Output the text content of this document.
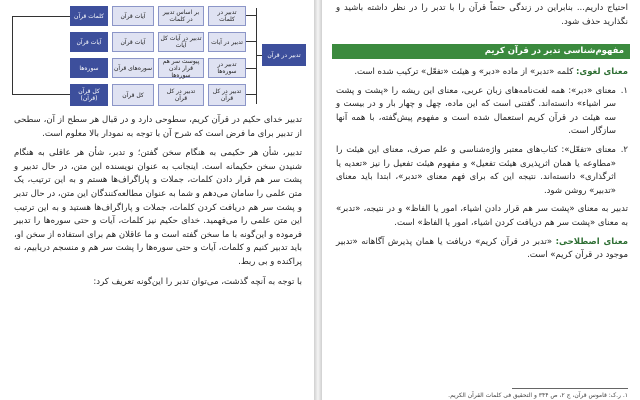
تدبیر در قرآن
تدبیر در کلمات
بر اساس تدبیر در کلمات
آیات قرآن
کلمات قرآن
تدبیر در آیات
تدبیر در آیات کل آیات
آیات قرآن
آیات قرآن
تدبیر در سوره‌ها
پیوست سر هم قرار دادن سوره‌ها
سوره‌های قرآن
سوره‌ها
تدبیر در کل قرآن
تدبیر در کل قرآن
کل قرآن
کل قرآن (قرآن)

تدبیر خدای حکیم در قرآن کریم، سطوحی دارد و در قبال هر سطح از آن، سطحی از تدبیر برای ما فرض است که شرح آن با توجه به نمودار بالا معلوم است.

تدبیر، شأن هر حکیمی به هنگام سخن گفتن؛ و تدبر، شأن هر عاقلی به هنگام شنیدن سخن حکیمانه است. اینجانب به عنوان نویسنده این متن، در حال تدبیر و پشت سر هم قرار دادن کلمات، جملات و پاراگراف‌ها هستم و به این ترتیب، یک متن علمی را سامان می‌دهم و شما به عنوان مطالعه‌کنندگان این متن، در حال تدبر و پشت سر هم دریافت کردن کلمات، جملات و پاراگراف‌ها هستید و به این ترتیب این متن علمی را می‌فهمید. خدای حکیم نیز کلمات، آیات و حتی سوره‌ها را تدبیر فرموده و این‌گونه با ما سخن گفته است و ما عاقلان هم برای استفاده از سخن او، باید تدبیر کنیم و کلمات، آیات و حتی سوره‌ها را پشت سر هم و منسجم دریابیم، نه پراکنده و بی ربط.

با توجه به آنچه گذشت، می‌توان تدبر را این‌گونه تعریف کرد:

احتیاج داریم... بنابراین در زندگی حتماً قرآن را با تدبر را در نظر داشته باشید و نگذارید حذف شود.
مفهوم‌شناسی تدبر در قرآن کریم

معنای لغوی: کلمه «تدبر» از ماده «دبر» و هیئت «تفعّل» ترکیب شده است.

۱.
معنای «دبر»: همه لغت‌نامه‌های زبان عربی، معنای این ریشه را «پشت و پشت سر اشیاء» دانسته‌اند. گفتنی است که این ماده، چهل و چهار بار و در بیست و سه هیئت در قرآن کریم استعمال شده است و مفهوم پیش‌گفته، با همه آنها سازگار است.

۲.
معنای «تفعّل»: کتاب‌های معتبر واژه‌شناسی و علم صرف، معنای این هیئت را «مطاوعه یا همان اثرپذیری هیئت تفعیل» و مفهوم هیئت تفعیل را نیز «تعدیه یا اثرگذاری» دانسته‌اند. نتیجه این که برای فهم معنای «تدبر»، ابتدا باید معنای «تدبیر» روشن شود.

تدبیر به معنای «پشت سر هم قرار دادن اشیاء، امور یا الفاظ» و در نتیجه، «تدبر» به معنای «پشت سر هم دریافت کردن اشیاء، امور یا الفاظ» است.

معنای اصطلاحی: «تدبر در قرآن کریم» دریافت یا همان پذیرش آگاهانه «تدبیر موجود در قرآن کریم» است.

۱. ر.ک: قاموس قرآن، ج ۲، ص ۳۴۴ و التحقیق فی کلمات القرآن الکریم.
